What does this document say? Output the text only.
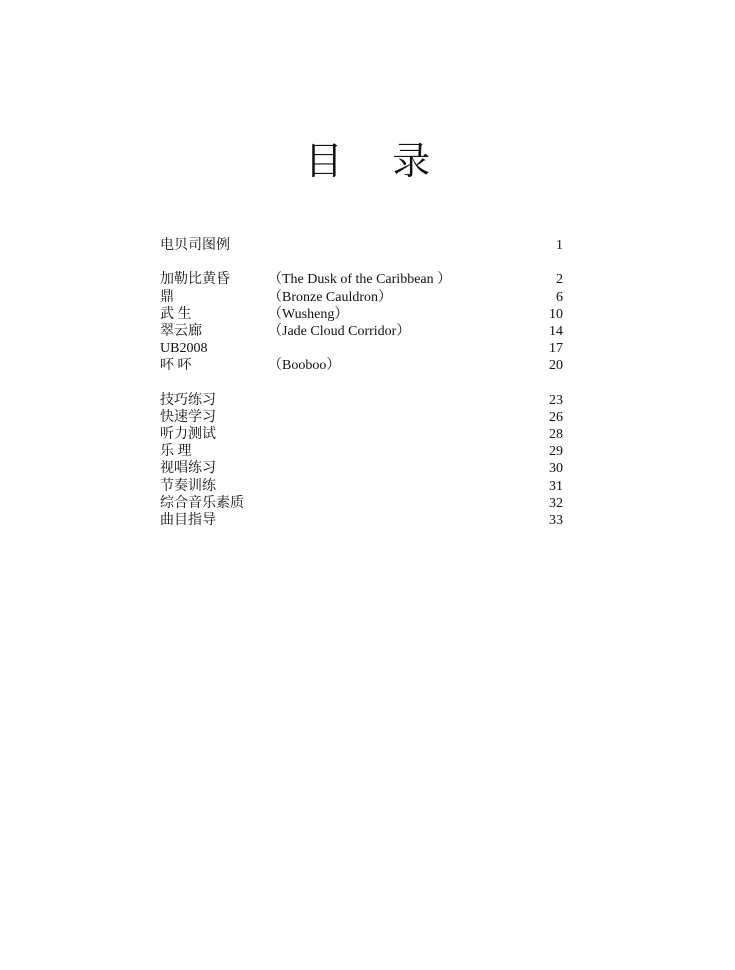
目 录
电贝司图例	1
加勒比黄昏	（The Dusk of the Caribbean ）	2
鼎	（Bronze Cauldron）	6
武 生	（Wusheng）	10
翠云廊	（Jade Cloud Corridor）	14
UB2008	17
吥 吥	（Booboo）	20
技巧练习	23
快速学习	26
听力测试	28
乐 理	29
视唱练习	30
节奏训练	31
综合音乐素质	32
曲目指导	33
